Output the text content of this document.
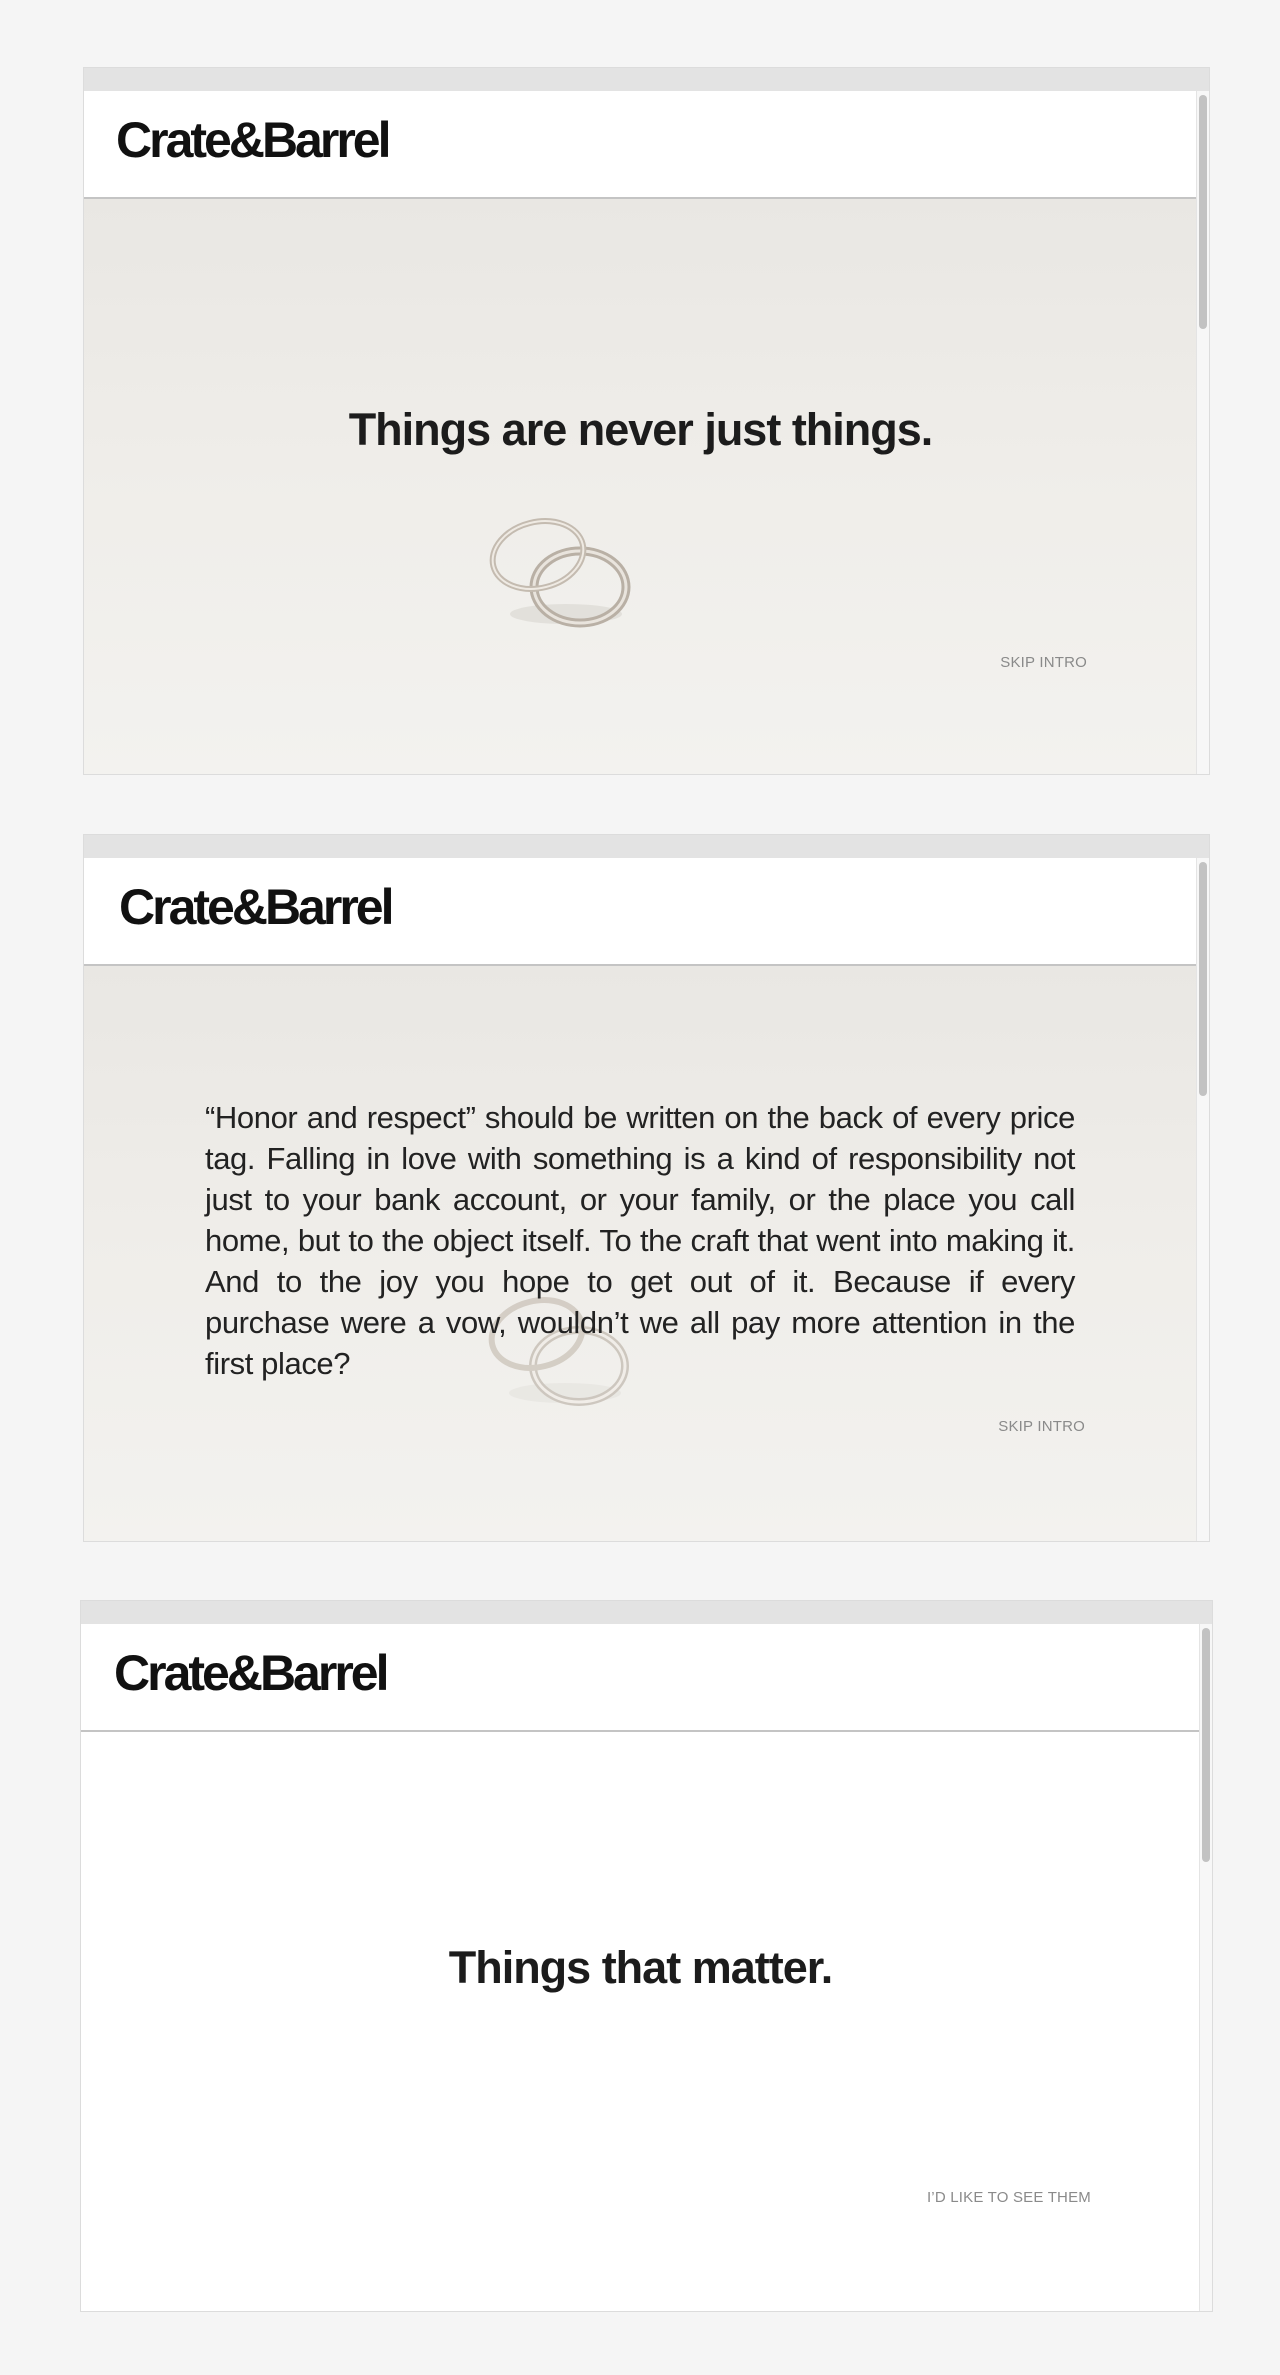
Crate&Barrel
Things are never just things.
SKIP INTRO
Crate&Barrel
“Honor and respect” should be written on the back of every price tag. Falling in love with something is a kind of responsibility not just to your bank account, or your family, or the place you call home, but to the object itself. To the craft that went into making it. And to the joy you hope to get out of it. Because if every purchase were a vow, wouldn’t we all pay more attention in the first place?
SKIP INTRO
Crate&Barrel
Things that matter.
I’D LIKE TO SEE THEM
